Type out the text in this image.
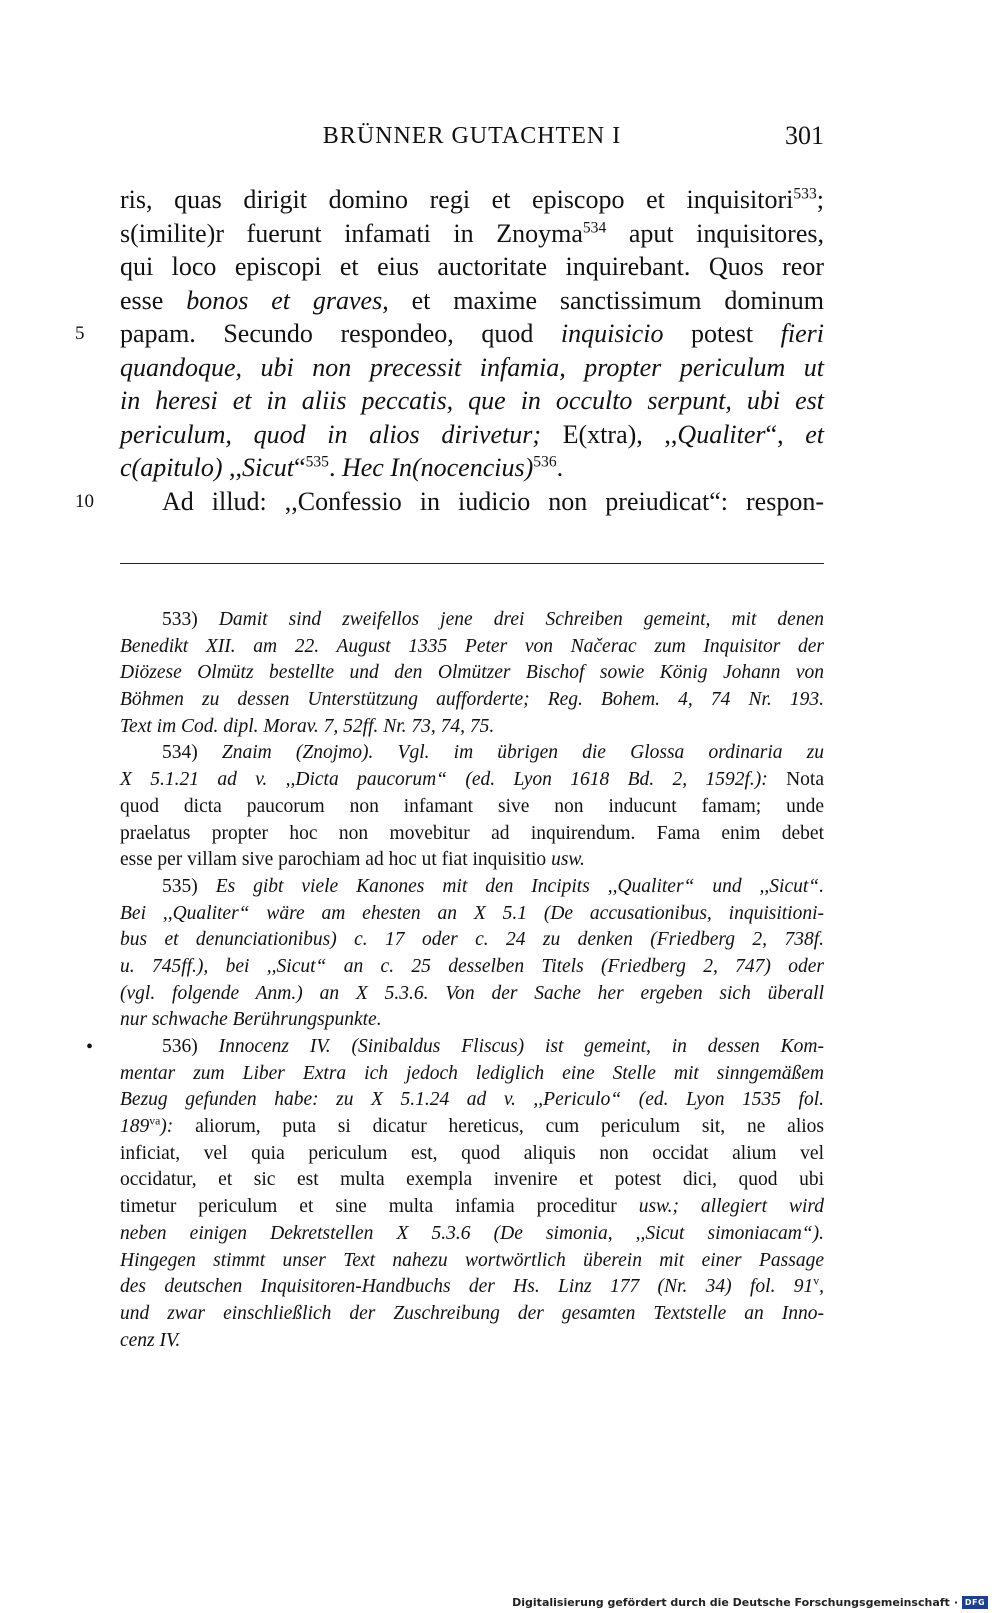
BRÜNNER GUTACHTEN I	301
ris, quas dirigit domino regi et episcopo et inquisitori$^{533}$;
s(imilite)r fuerunt infamati in Znoyma$^{534}$ aput inquisitores,
qui loco episcopi et eius auctoritate inquirebant. Quos reor
esse bonos et graves, et maxime sanctissimum dominum
5	papam. Secundo respondeo, quod inquisicio potest fieri
quandoque, ubi non precessit infamia, propter periculum ut
in heresi et in aliis peccatis, que in occulto serpunt, ubi est
periculum, quod in alios dirivetur; E(xtra), ,,Qualiter“, et
c(apitulo) ,,Sicut“$^{535}$. Hec In(nocencius)$^{536}$.
10	Ad illud: ,,Confessio in iudicio non preiudicat“: respon-
533) Damit sind zweifellos jene drei Schreiben gemeint, mit denen
Benedikt XII. am 22. August 1335 Peter von Načerac zum Inquisitor der
Diözese Olmütz bestellte und den Olmützer Bischof sowie König Johann von
Böhmen zu dessen Unterstützung aufforderte; Reg. Bohem. 4, 74 Nr. 193.
Text im Cod. dipl. Morav. 7, 52ff. Nr. 73, 74, 75.
534) Znaim (Znojmo). Vgl. im übrigen die Glossa ordinaria zu
X 5.1.21 ad v. ,,Dicta paucorum“ (ed. Lyon 1618 Bd. 2, 1592f.): Nota
quod dicta paucorum non infamant sive non inducunt famam; unde
praelatus propter hoc non movebitur ad inquirendum. Fama enim debet
esse per villam sive parochiam ad hoc ut fiat inquisitio usw.
535) Es gibt viele Kanones mit den Incipits ,,Qualiter“ und ,,Sicut“.
Bei ,,Qualiter“ wäre am ehesten an X 5.1 (De accusationibus, inquisitioni-
bus et denunciationibus) c. 17 oder c. 24 zu denken (Friedberg 2, 738f.
u. 745ff.), bei ,,Sicut“ an c. 25 desselben Titels (Friedberg 2, 747) oder
(vgl. folgende Anm.) an X 5.3.6. Von der Sache her ergeben sich überall
nur schwache Berührungspunkte.
•	536) Innocenz IV. (Sinibaldus Fliscus) ist gemeint, in dessen Kom-
mentar zum Liber Extra ich jedoch lediglich eine Stelle mit sinngemäßem
Bezug gefunden habe: zu X 5.1.24 ad v. ,,Periculo“ (ed. Lyon 1535 fol.
$189^{va}$): aliorum, puta si dicatur hereticus, cum periculum sit, ne alios
inficiat, vel quia periculum est, quod aliquis non occidat alium vel
occidatur, et sic est multa exempla invenire et potest dici, quod ubi
timetur periculum et sine multa infamia proceditur usw.; allegiert wird
neben einigen Dekretstellen X 5.3.6 (De simonia, ,,Sicut simoniacam“).
Hingegen stimmt unser Text nahezu wortwörtlich überein mit einer Passage
des deutschen Inquisitoren-Handbuchs der Hs. Linz 177 (Nr. 34) fol. 91$^v$,
und zwar einschließlich der Zuschreibung der gesamten Textstelle an Inno-
cenz IV.
Digitalisierung gefördert durch die Deutsche Forschungsgemeinschaft · DFG
